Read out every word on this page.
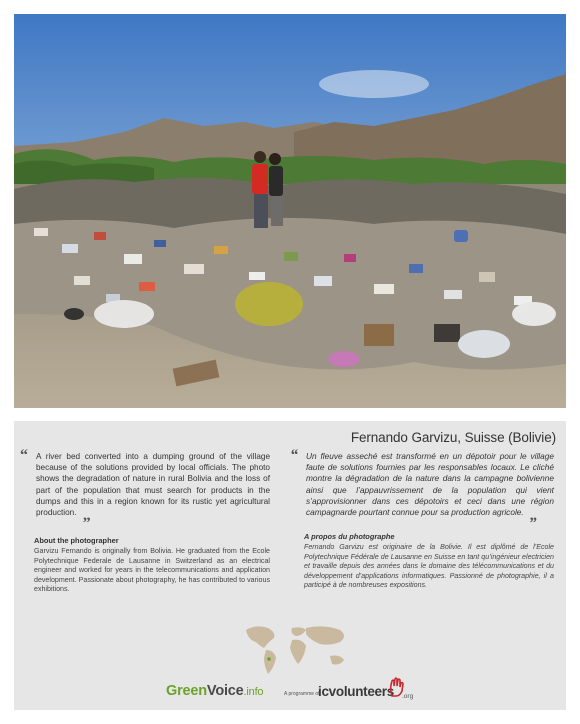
Fernando Garvizu, Suisse (Bolivie)
“ A river bed converted into a dumping ground of the village because of the solutions provided by local officials. The photo shows the degradation of nature in rural Bolivia and the loss of part of the population that must search for products in the dumps and this in a region known for its rustic yet agricultural production. „
About the photographer
Garvizu Fernando is originally from Bolivia. He graduated from the Ecole Polytechnique Federale de Lausanne in Switzerland as an electrical engineer and worked for years in the telecommunications and application development. Passionate about photography, he has contributed to various exhibitions.
“ Un fleuve asseché est transformé en un dépotoir pour le village faute de solutions fournies par les responsables locaux. Le cliché montre la dégradation de la nature dans la campagne bolivienne ainsi que l’appauvrissement de la population qui vient s’approvisionner dans ces dépotoirs et ceci dans une région campagnarde pourtant connue pour sa production agricole. „
A propos du photographe
Fernando Garvizu est originaire de la Bolivie. Il est diplômé de l’Ecole Polytechnique Fédérale de Lausanne en Suisse en tant qu’ingénieur electricien et travaille depuis des années dans le domaine des télécommunications et du développement d’applications informatiques. Passionné de photographie, il a participé à de nombreuses expositions.
GreenVoice.info	A programme of
icvolunteers .org
